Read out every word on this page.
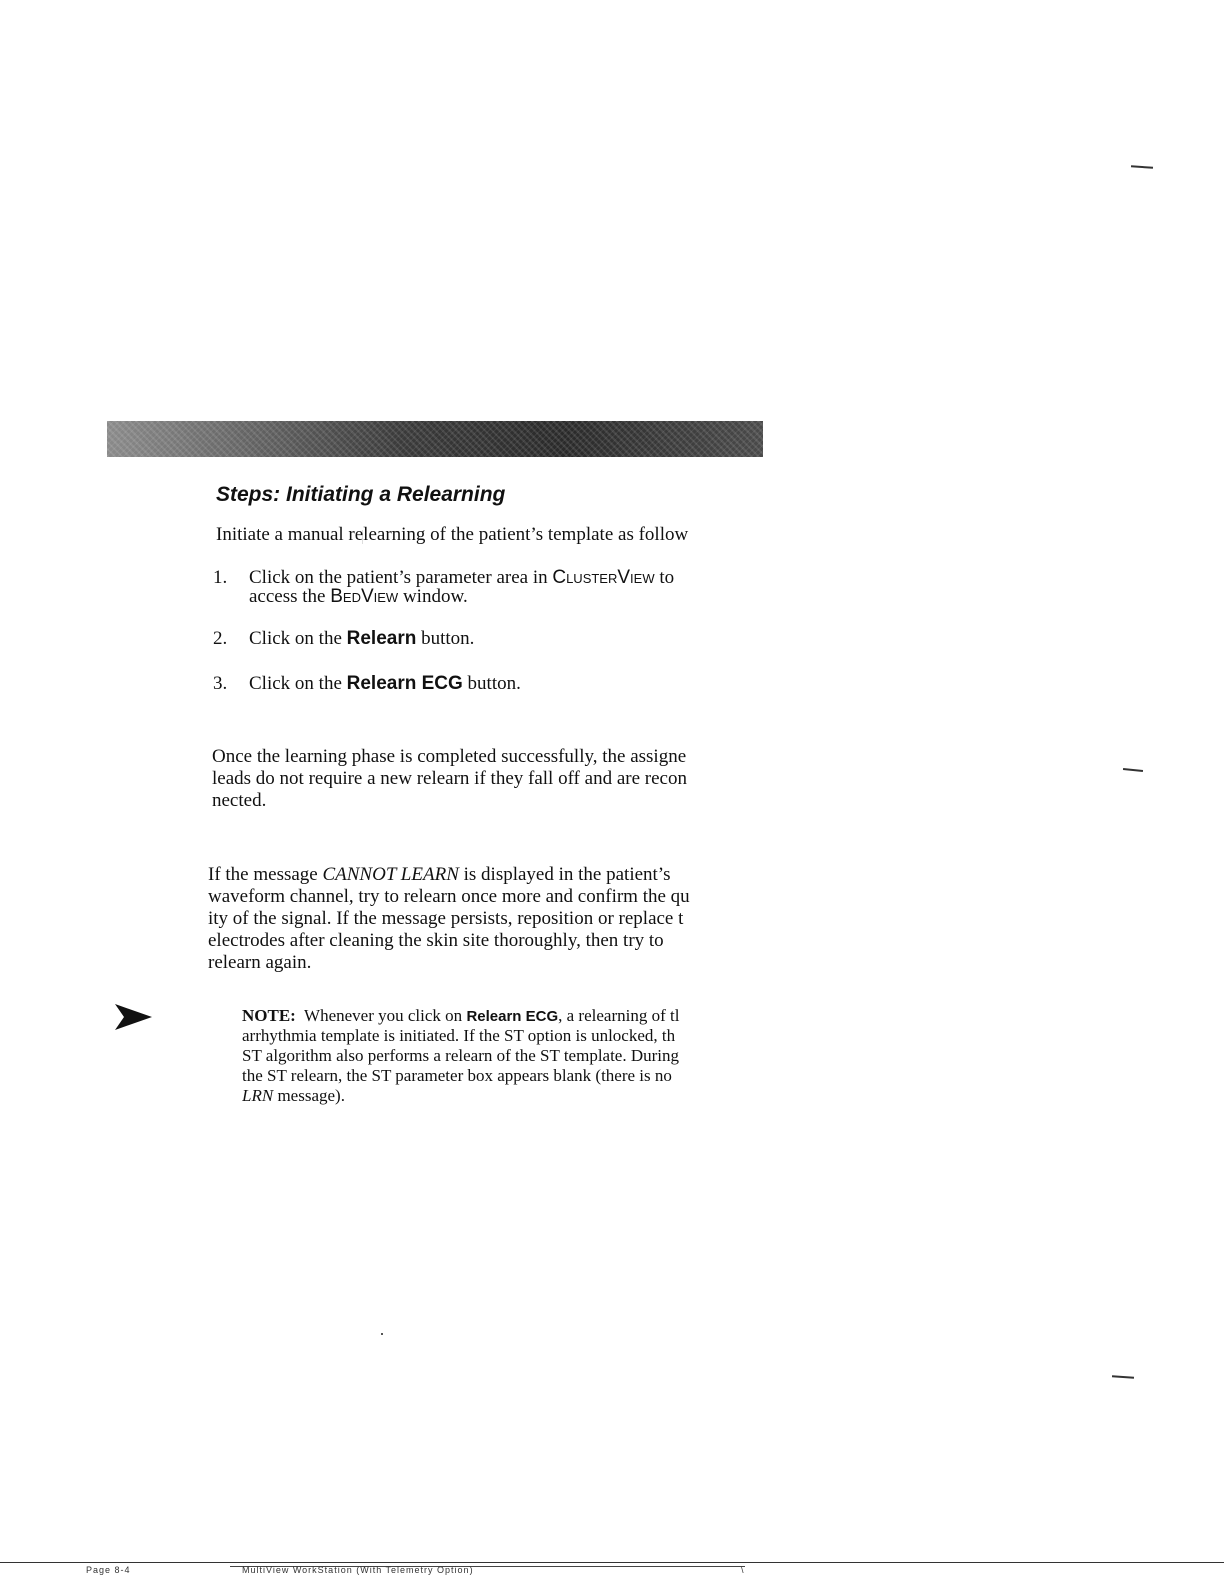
Steps: Initiating a Relearning
Initiate a manual relearning of the patient’s template as follow
1. Click on the patient’s parameter area in ClusterView to
access the BedView window.
2. Click on the Relearn button.
3. Click on the Relearn ECG button.
Once the learning phase is completed successfully, the assigne
leads do not require a new relearn if they fall off and are recon
nected.
If the message CANNOT LEARN is displayed in the patient’s
waveform channel, try to relearn once more and confirm the qu
ity of the signal. If the message persists, reposition or replace t
electrodes after cleaning the skin site thoroughly, then try to
relearn again.
NOTE: Whenever you click on Relearn ECG, a relearning of tl
arrhythmia template is initiated. If the ST option is unlocked, th
ST algorithm also performs a relearn of the ST template. During
the ST relearn, the ST parameter box appears blank (there is no
LRN message).
Page 8-4	MultiView WorkStation (With Telemetry Option)	\
